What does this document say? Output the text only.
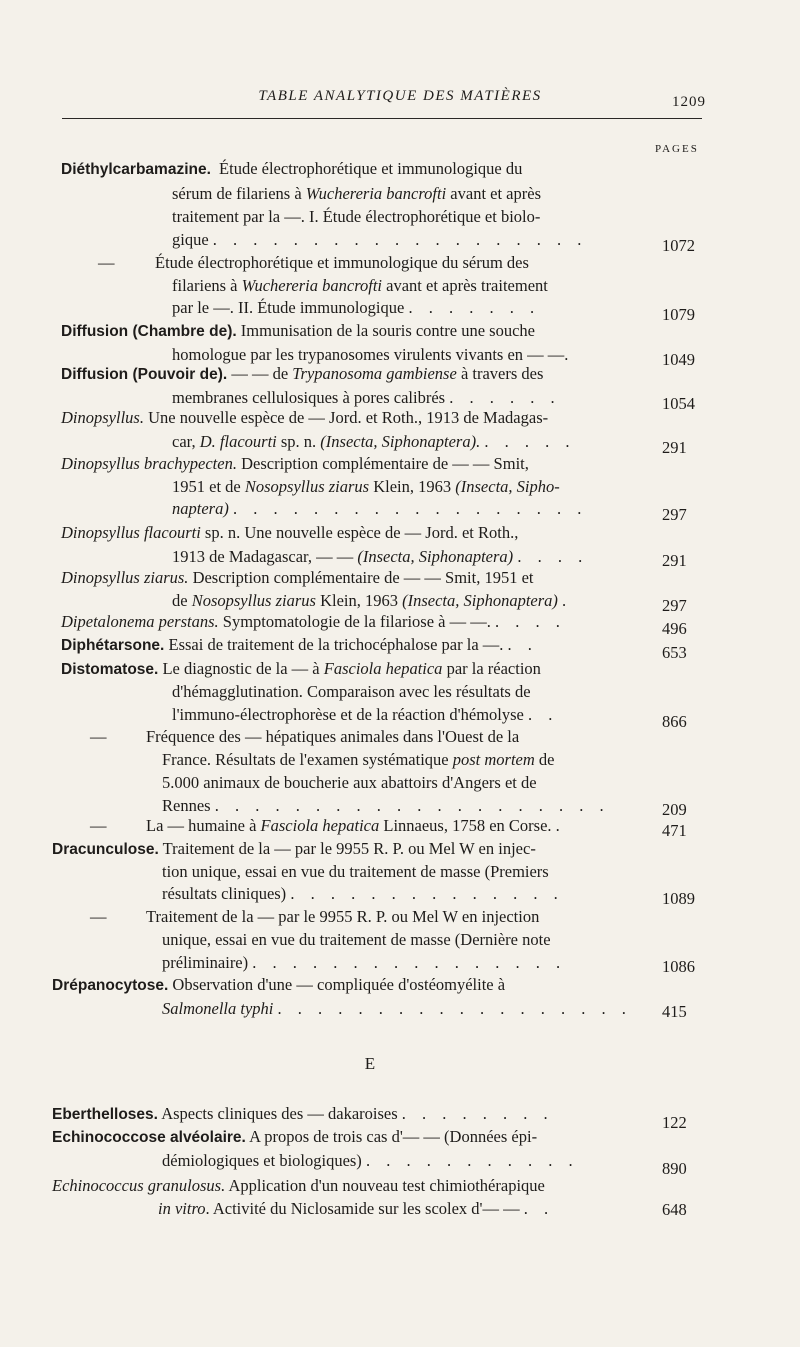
TABLE ANALYTIQUE DES MATIÈRES	1209
PAGES
Diéthylcarbamazine. Étude électrophorétique et immunologique du
sérum de filariens à Wuchereria bancrofti avant et après
traitement par la —. I. Étude électrophorétique et biolo-
gique . . . . . . . . . . . . . . . . . . .	1072
— Étude électrophorétique et immunologique du sérum des
filariens à Wuchereria bancrofti avant et après traitement
par le —. II. Étude immunologique . . . . . . .	1079
Diffusion (Chambre de). Immunisation de la souris contre une souche
homologue par les trypanosomes virulents vivants en — —.	1049
Diffusion (Pouvoir de). — — de Trypanosoma gambiense à travers des
membranes cellulosiques à pores calibrés . . . . . .	1054
Dinopsyllus. Une nouvelle espèce de — Jord. et Roth., 1913 de Madagas-
car, D. flacourti sp. n. (Insecta, Siphonaptera). . . . . .	291
Dinopsyllus brachypecten. Description complémentaire de — — Smit,
1951 et de Nosopsyllus ziarus Klein, 1963 (Insecta, Sipho-
naptera) . . . . . . . . . . . . . . . . . .	297
Dinopsyllus flacourti sp. n. Une nouvelle espèce de — Jord. et Roth.,
1913 de Madagascar, — — (Insecta, Siphonaptera) . . . .	291
Dinopsyllus ziarus. Description complémentaire de — — Smit, 1951 et
de Nosopsyllus ziarus Klein, 1963 (Insecta, Siphonaptera) .	297
Dipetalonema perstans. Symptomatologie de la filariose à — —. . . . .	496
Diphétarsone. Essai de traitement de la trichocéphalose par la —. . .	653
Distomatose. Le diagnostic de la — à Fasciola hepatica par la réaction
d'hémagglutination. Comparaison avec les résultats de
l'immuno-électrophorèse et de la réaction d'hémolyse . .	866
— Fréquence des — hépatiques animales dans l'Ouest de la
France. Résultats de l'examen systématique post mortem de
5.000 animaux de boucherie aux abattoirs d'Angers et de
Rennes . . . . . . . . . . . . . . . . . . . .	209
— La — humaine à Fasciola hepatica Linnaeus, 1758 en Corse. .	471
Dracunculose. Traitement de la — par le 9955 R. P. ou Mel W en injec-
tion unique, essai en vue du traitement de masse (Premiers
résultats cliniques) . . . . . . . . . . . . . .	1089
— Traitement de la — par le 9955 R. P. ou Mel W en injection
unique, essai en vue du traitement de masse (Dernière note
préliminaire) . . . . . . . . . . . . . . . .	1086
Drépanocytose. Observation d'une — compliquée d'ostéomyélite à
Salmonella typhi . . . . . . . . . . . . . . . . . . 415
E
Eberthelloses. Aspects cliniques des — dakaroises . . . . . . . .	122
Echinococcose alvéolaire. A propos de trois cas d'— — (Données épi-
démiologiques et biologiques) . . . . . . . . . . .	890
Echinococcus granulosus. Application d'un nouveau test chimiothérapique
in vitro. Activité du Niclosamide sur les scolex d'— — . .	648
